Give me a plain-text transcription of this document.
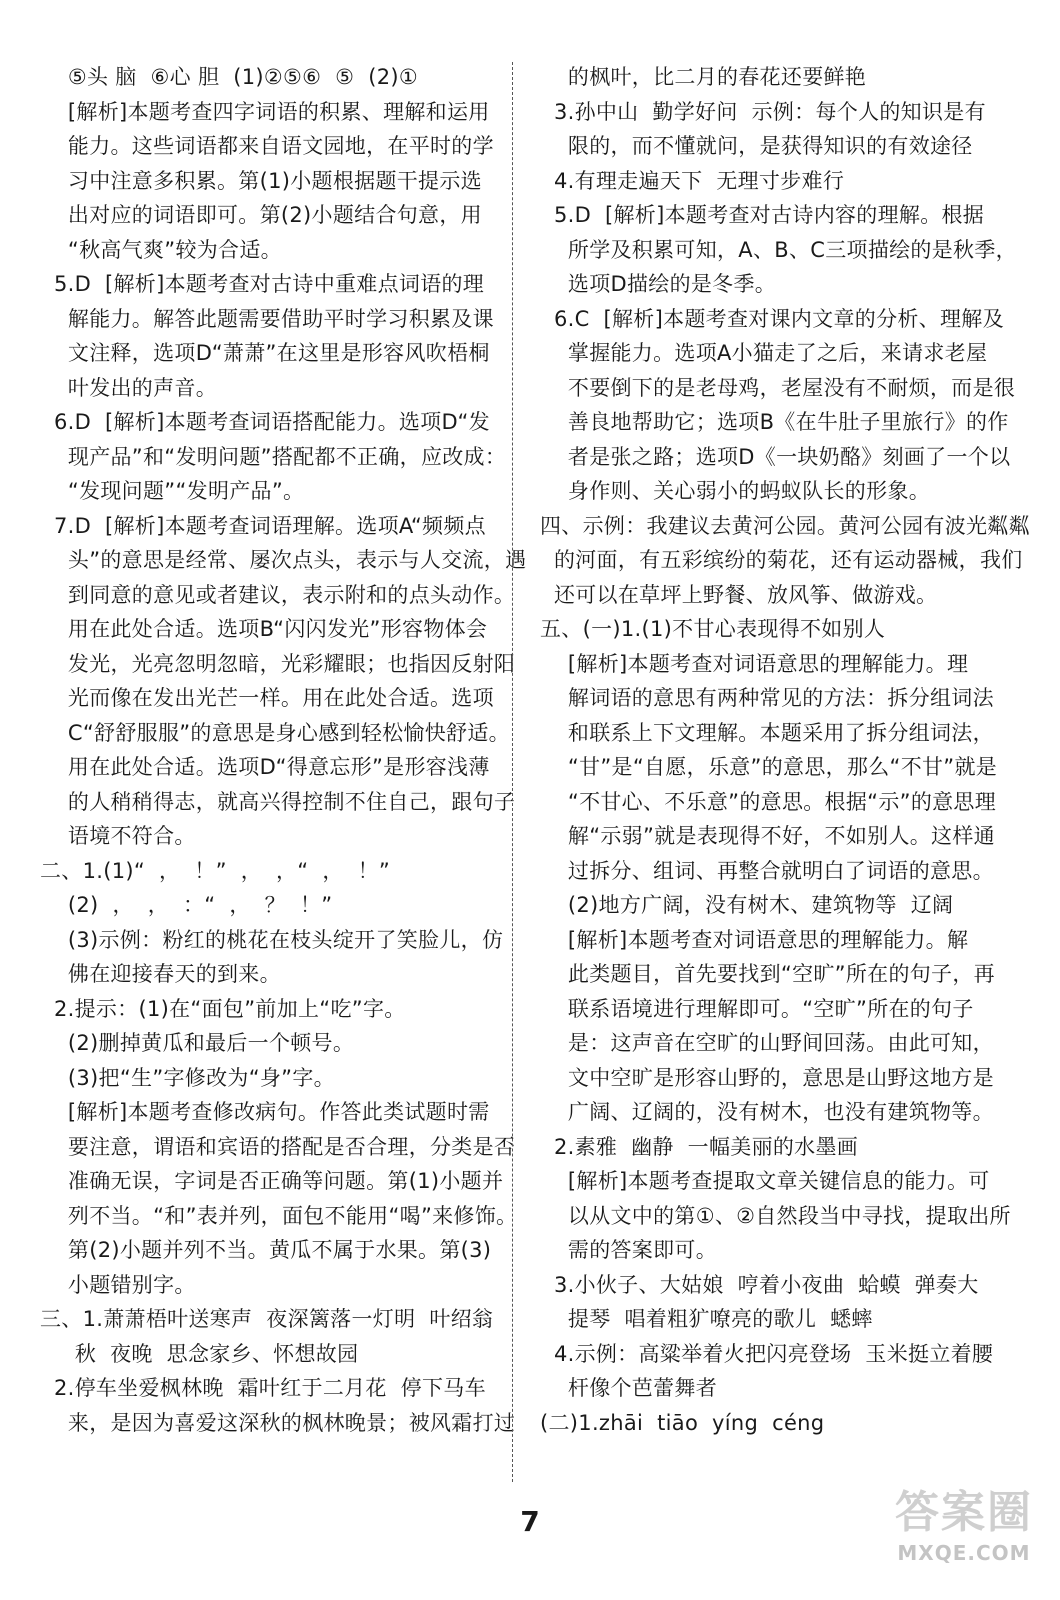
⑤头 脑  ⑥心 胆  (1)②⑤⑥  ⑤  (2)①
[解析]本题考查四字词语的积累、理解和运用
能力。这些词语都来自语文园地，在平时的学
习中注意多积累。第(1)小题根据题干提示选
出对应的词语即可。第(2)小题结合句意，用
“秋高气爽”较为合适。
5.D  [解析]本题考查对古诗中重难点词语的理
解能力。解答此题需要借助平时学习积累及课
文注释，选项D“萧萧”在这里是形容风吹梧桐
叶发出的声音。
6.D  [解析]本题考查词语搭配能力。选项D“发
现产品”和“发明问题”搭配都不正确，应改成：
“发现问题”“发明产品”。
7.D  [解析]本题考查词语理解。选项A“频频点
头”的意思是经常、屡次点头，表示与人交流，遇
到同意的意见或者建议，表示附和的点头动作。
用在此处合适。选项B“闪闪发光”形容物体会
发光，光亮忽明忽暗，光彩耀眼；也指因反射阳
光而像在发出光芒一样。用在此处合适。选项
C“舒舒服服”的意思是身心感到轻松愉快舒适。
用在此处合适。选项D“得意忘形”是形容浅薄
的人稍稍得志，就高兴得控制不住自己，跟句子
语境不符合。
二、1.(1)“  ，  ！”  ，  ，“  ，  ！”
(2)  ，  ，  ：“  ，  ？  ！”
(3)示例：粉红的桃花在枝头绽开了笑脸儿，仿
佛在迎接春天的到来。
2.提示：(1)在“面包”前加上“吃”字。
(2)删掉黄瓜和最后一个顿号。
(3)把“生”字修改为“身”字。
[解析]本题考查修改病句。作答此类试题时需
要注意，谓语和宾语的搭配是否合理，分类是否
准确无误，字词是否正确等问题。第(1)小题并
列不当。“和”表并列，面包不能用“喝”来修饰。
第(2)小题并列不当。黄瓜不属于水果。第(3)
小题错别字。
三、1.萧萧梧叶送寒声  夜深篱落一灯明  叶绍翁
秋  夜晚  思念家乡、怀想故园
2.停车坐爱枫林晚  霜叶红于二月花  停下马车
来，是因为喜爱这深秋的枫林晚景；被风霜打过
的枫叶，比二月的春花还要鲜艳
3.孙中山  勤学好问  示例：每个人的知识是有
限的，而不懂就问，是获得知识的有效途径
4.有理走遍天下  无理寸步难行
5.D  [解析]本题考查对古诗内容的理解。根据
所学及积累可知，A、B、C三项描绘的是秋季，
选项D描绘的是冬季。
6.C  [解析]本题考查对课内文章的分析、理解及
掌握能力。选项A小猫走了之后，来请求老屋
不要倒下的是老母鸡，老屋没有不耐烦，而是很
善良地帮助它；选项B《在牛肚子里旅行》的作
者是张之路；选项D《一块奶酪》刻画了一个以
身作则、关心弱小的蚂蚁队长的形象。
四、示例：我建议去黄河公园。黄河公园有波光粼粼
的河面，有五彩缤纷的菊花，还有运动器械，我们
还可以在草坪上野餐、放风筝、做游戏。
五、(一)1.(1)不甘心表现得不如别人
[解析]本题考查对词语意思的理解能力。理
解词语的意思有两种常见的方法：拆分组词法
和联系上下文理解。本题采用了拆分组词法，
“甘”是“自愿，乐意”的意思，那么“不甘”就是
“不甘心、不乐意”的意思。根据“示”的意思理
解“示弱”就是表现得不好，不如别人。这样通
过拆分、组词、再整合就明白了词语的意思。
(2)地方广阔，没有树木、建筑物等  辽阔
[解析]本题考查对词语意思的理解能力。解
此类题目，首先要找到“空旷”所在的句子，再
联系语境进行理解即可。“空旷”所在的句子
是：这声音在空旷的山野间回荡。由此可知，
文中空旷是形容山野的，意思是山野这地方是
广阔、辽阔的，没有树木，也没有建筑物等。
2.素雅  幽静  一幅美丽的水墨画
[解析]本题考查提取文章关键信息的能力。可
以从文中的第①、②自然段当中寻找，提取出所
需的答案即可。
3.小伙子、大姑娘  哼着小夜曲  蛤蟆  弹奏大
提琴  唱着粗犷嘹亮的歌儿  蟋蟀
4.示例：高粱举着火把闪亮登场  玉米挺立着腰
杆像个芭蕾舞者
(二)1.zhāi  tiāo  yíng  céng
7	答案圈
MXQE.COM
